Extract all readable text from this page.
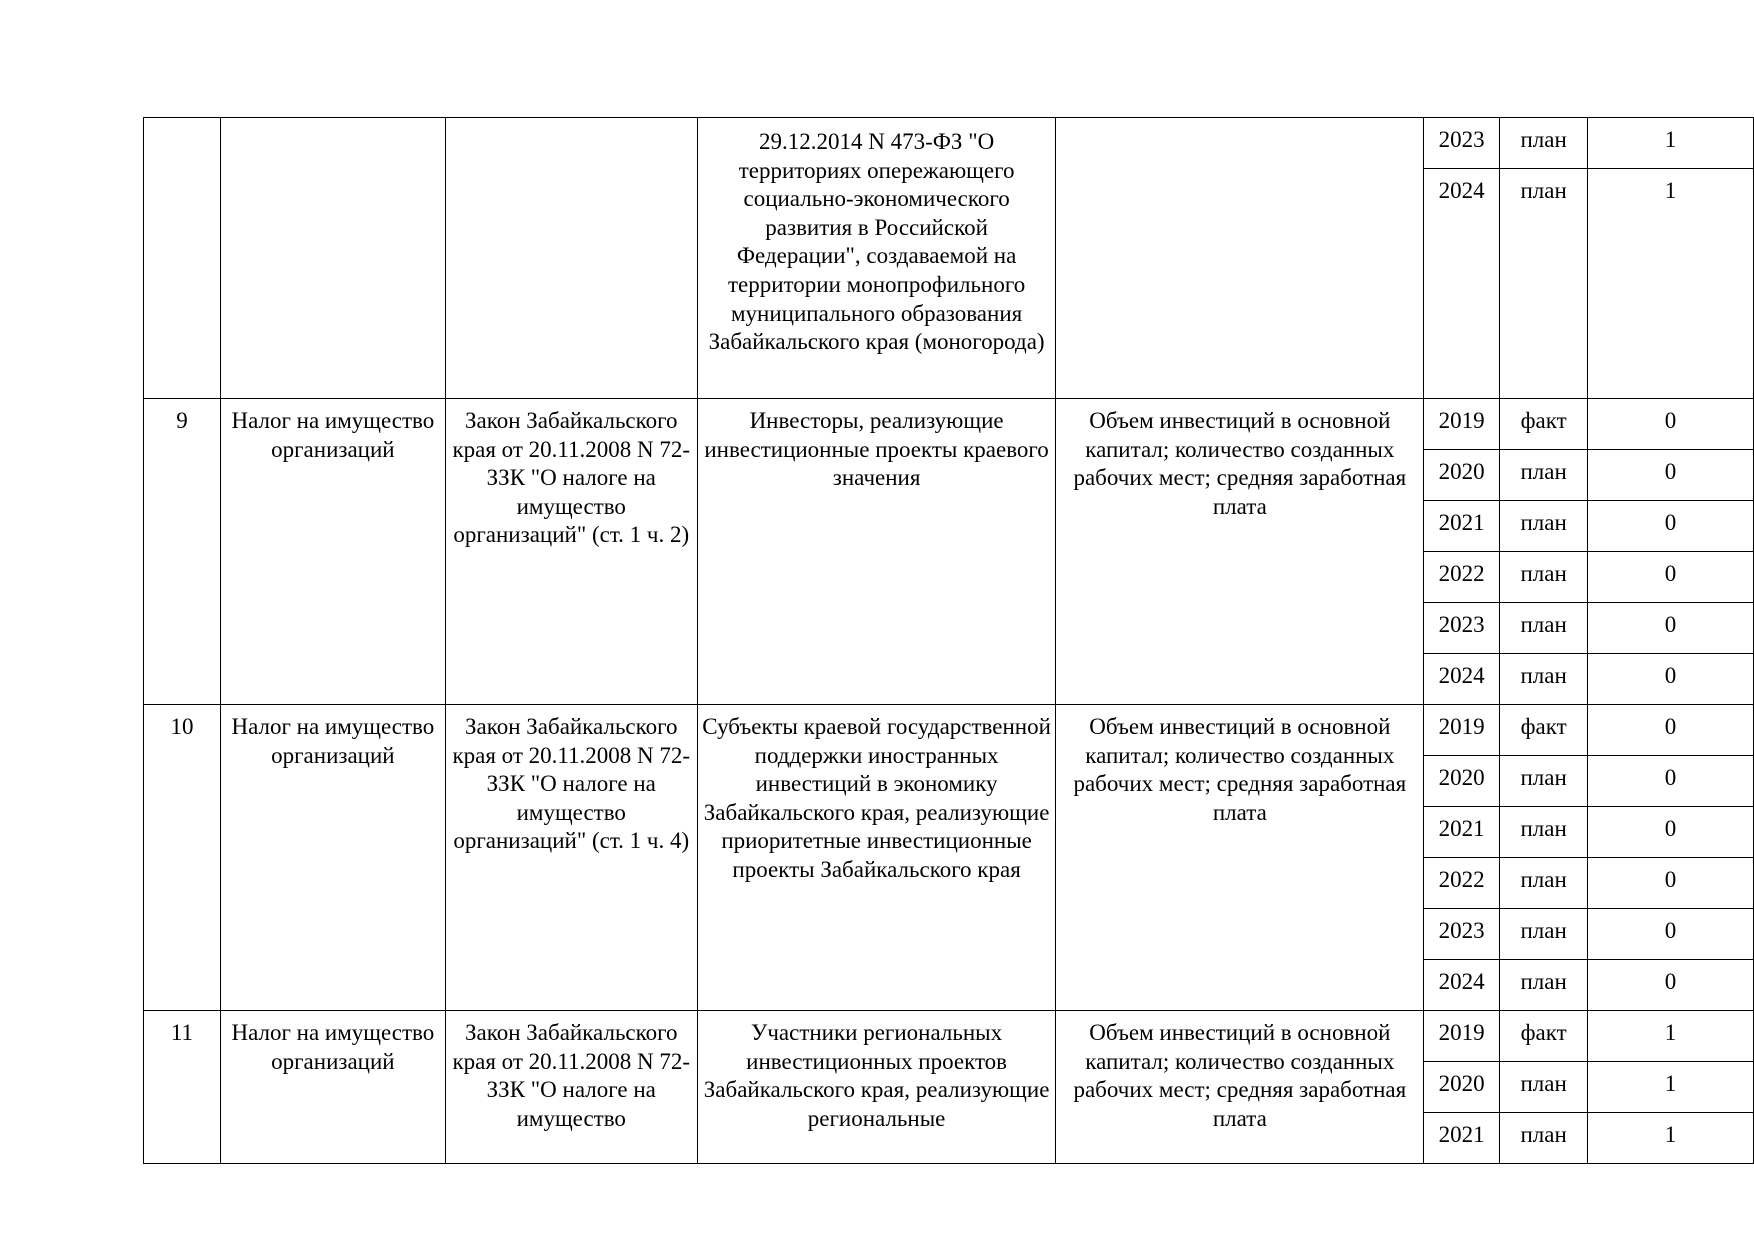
			29.12.2014 N 473-ФЗ "О территориях опережающего социально-экономического развития в Российской Федерации", создаваемой на территории монопрофильного муниципального образования Забайкальского края (моногорода)		2023	план	1
					2024	план	1
9	Налог на имущество организаций	Закон Забайкальского края от 20.11.2008 N 72-ЗЗК "О налоге на имущество организаций" (ст. 1 ч. 2)	Инвесторы, реализующие инвестиционные проекты краевого значения	Объем инвестиций в основной капитал; количество созданных рабочих мест; средняя заработная плата	2019	факт	0
					2020	план	0
					2021	план	0
					2022	план	0
					2023	план	0
					2024	план	0
10	Налог на имущество организаций	Закон Забайкальского края от 20.11.2008 N 72-ЗЗК "О налоге на имущество организаций" (ст. 1 ч. 4)	Субъекты краевой государственной поддержки иностранных инвестиций в экономику Забайкальского края, реализующие приоритетные инвестиционные проекты Забайкальского края	Объем инвестиций в основной капитал; количество созданных рабочих мест; средняя заработная плата	2019	факт	0
					2020	план	0
					2021	план	0
					2022	план	0
					2023	план	0
					2024	план	0
11	Налог на имущество организаций	Закон Забайкальского края от 20.11.2008 N 72-ЗЗК "О налоге на имущество	Участники региональных инвестиционных проектов Забайкальского края, реализующие региональные	Объем инвестиций в основной капитал; количество созданных рабочих мест; средняя заработная плата	2019	факт	1
					2020	план	1
					2021	план	1
